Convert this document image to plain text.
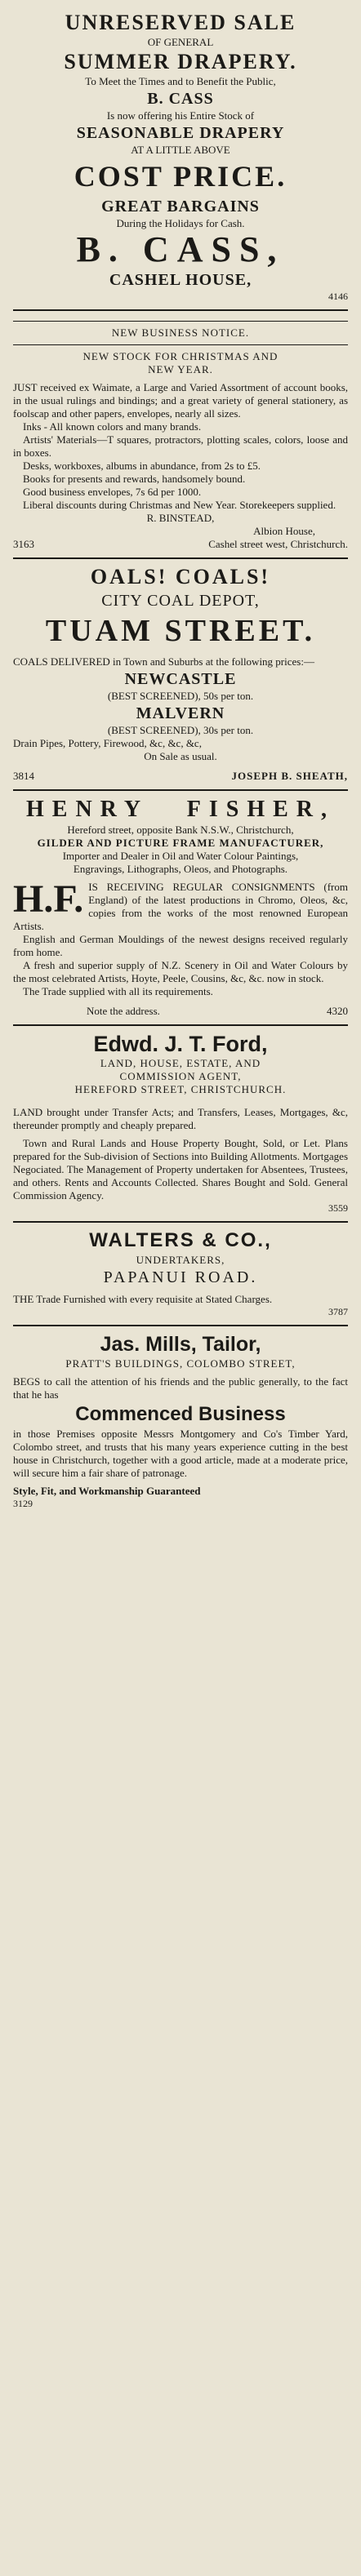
UNRESERVED SALE
OF GENERAL
SUMMER DRAPERY.
To Meet the Times and to Benefit the Public,
B. CASS
Is now offering his Entire Stock of
SEASONABLE DRAPERY
AT A LITTLE ABOVE
COST PRICE.
GREAT BARGAINS
During the Holidays for Cash.
B. CASS,
CASHEL HOUSE,
4146
NEW BUSINESS NOTICE.
NEW STOCK FOR CHRISTMAS AND
NEW YEAR.

JUST received ex Waimate, a Large and Varied Assortment of account books, in the usual rulings and bindings; and a great variety of general stationery, as foolscap and other papers, envelopes, nearly all sizes.

Inks - All known colors and many brands.

Artists' Materials—T squares, protractors, plotting scales, colors, loose and in boxes.

Desks, workboxes, albums in abundance, from 2s to £5.

Books for presents and rewards, handsomely bound.

Good business envelopes, 7s 6d per 1000.

Liberal discounts during Christmas and New Year. Storekeepers supplied.

R. BINSTEAD,
Albion House,
3163	Cashel street west, Christchurch.
OALS! COALS!
CITY COAL DEPOT,
TUAM STREET.

COALS DELIVERED in Town and Suburbs at the following prices:—

NEWCASTLE
(BEST SCREENED), 50s per ton.
MALVERN
(BEST SCREENED), 30s per ton.
Drain Pipes, Pottery, Firewood, &c, &c, &c,
On Sale as usual.
3814	JOSEPH B. SHEATH,
HENRY FISHER,
Hereford street, opposite Bank N.S.W., Christchurch,
GILDER AND PICTURE FRAME MANUFACTURER,
Importer and Dealer in Oil and Water Colour Paintings,
Engravings, Lithographs, Oleos, and Photographs.
H.F. IS RECEIVING REGULAR CONSIGNMENTS (from England) of the latest productions in Chromo, Oleos, &c, copies from the works of the most renowned European Artists.

English and German Mouldings of the newest designs received regularly from home.

A fresh and superior supply of N.Z. Scenery in Oil and Water Colours by the most celebrated Artists, Hoyte, Peele, Cousins, &c, &c. now in stock.

The Trade supplied with all its requirements.

Note the address.	4320
Edwd. J. T. Ford,
LAND, HOUSE, ESTATE, AND
COMMISSION AGENT,
HEREFORD STREET, CHRISTCHURCH.

LAND brought under Transfer Acts; and Transfers, Leases, Mortgages, &c, thereunder promptly and cheaply prepared.

Town and Rural Lands and House Property Bought, Sold, or Let. Plans prepared for the Sub-division of Sections into Building Allotments. Mortgages Negociated. The Management of Property undertaken for Absentees, Trustees, and others. Rents and Accounts Collected. Shares Bought and Sold. General Commission Agency.

3559
WALTERS & CO.,
UNDERTAKERS,
PAPANUI ROAD.

THE Trade Furnished with every requisite at Stated Charges.

3787
Jas. Mills, Tailor,
PRATT'S BUILDINGS, COLOMBO STREET,

BEGS to call the attention of his friends and the public generally, to the fact that he has

Commenced Business

in those Premises opposite Messrs Montgomery and Co's Timber Yard, Colombo street, and trusts that his many years experience cutting in the best house in Christchurch, together with a good article, made at a moderate price, will secure him a fair share of patronage.

Style, Fit, and Workmanship Guaranteed
3129
